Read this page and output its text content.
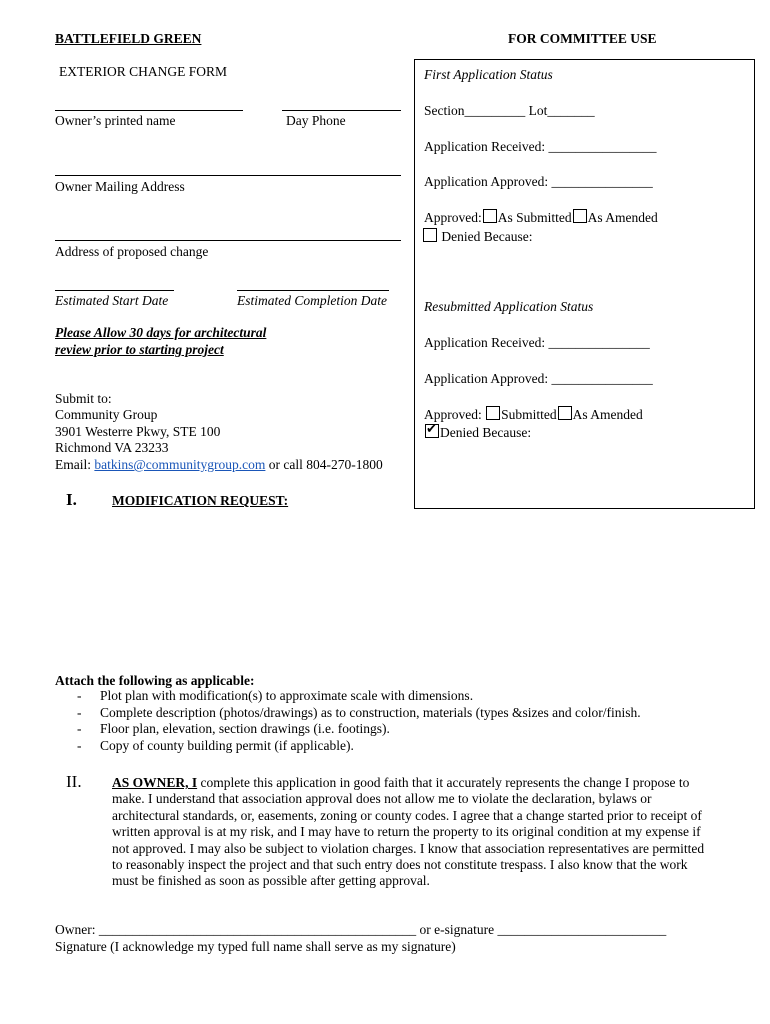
BATTLEFIELD GREEN	FOR COMMITTEE USE
EXTERIOR CHANGE FORM
Owner’s printed name	Day Phone
Owner Mailing Address
Address of proposed change
Estimated Start Date	Estimated Completion Date
Please Allow 30 days for architectural
review prior to starting project
Submit to:
Community Group
3901 Westerre Pkwy, STE 100
Richmond VA 23233
Email: batkins@communitygroup.com or call 804-270-1800
First Application Status
Section_________ Lot_______
Application Received: ________________
Application Approved: _______________
Approved: As Submitted As Amended
Denied Because:
Resubmitted Application Status
Application Received: _______________
Application Approved: _______________
Approved: Submitted As Amended
✔Denied Because:
I.	MODIFICATION REQUEST:
Attach the following as applicable:
- Plot plan with modification(s) to approximate scale with dimensions.
- Complete description (photos/drawings) as to construction, materials (types &sizes and color/finish.
- Floor plan, elevation, section drawings (i.e. footings).
- Copy of county building permit (if applicable).
II. AS OWNER, I complete this application in good faith that it accurately represents the change I propose to make. I understand that association approval does not allow me to violate the declaration, bylaws or architectural standards, or, easements, zoning or county codes. I agree that a change started prior to receipt of written approval is at my risk, and I may have to return the property to its original condition at my expense if not approved. I may also be subject to violation charges. I know that association representatives are permitted to reasonably inspect the project and that such entry does not constitute trespass. I also know that the work must be finished as soon as possible after getting approval.
Owner: _______________________________________________ or e-signature _________________________
Signature (I acknowledge my typed full name shall serve as my signature)
